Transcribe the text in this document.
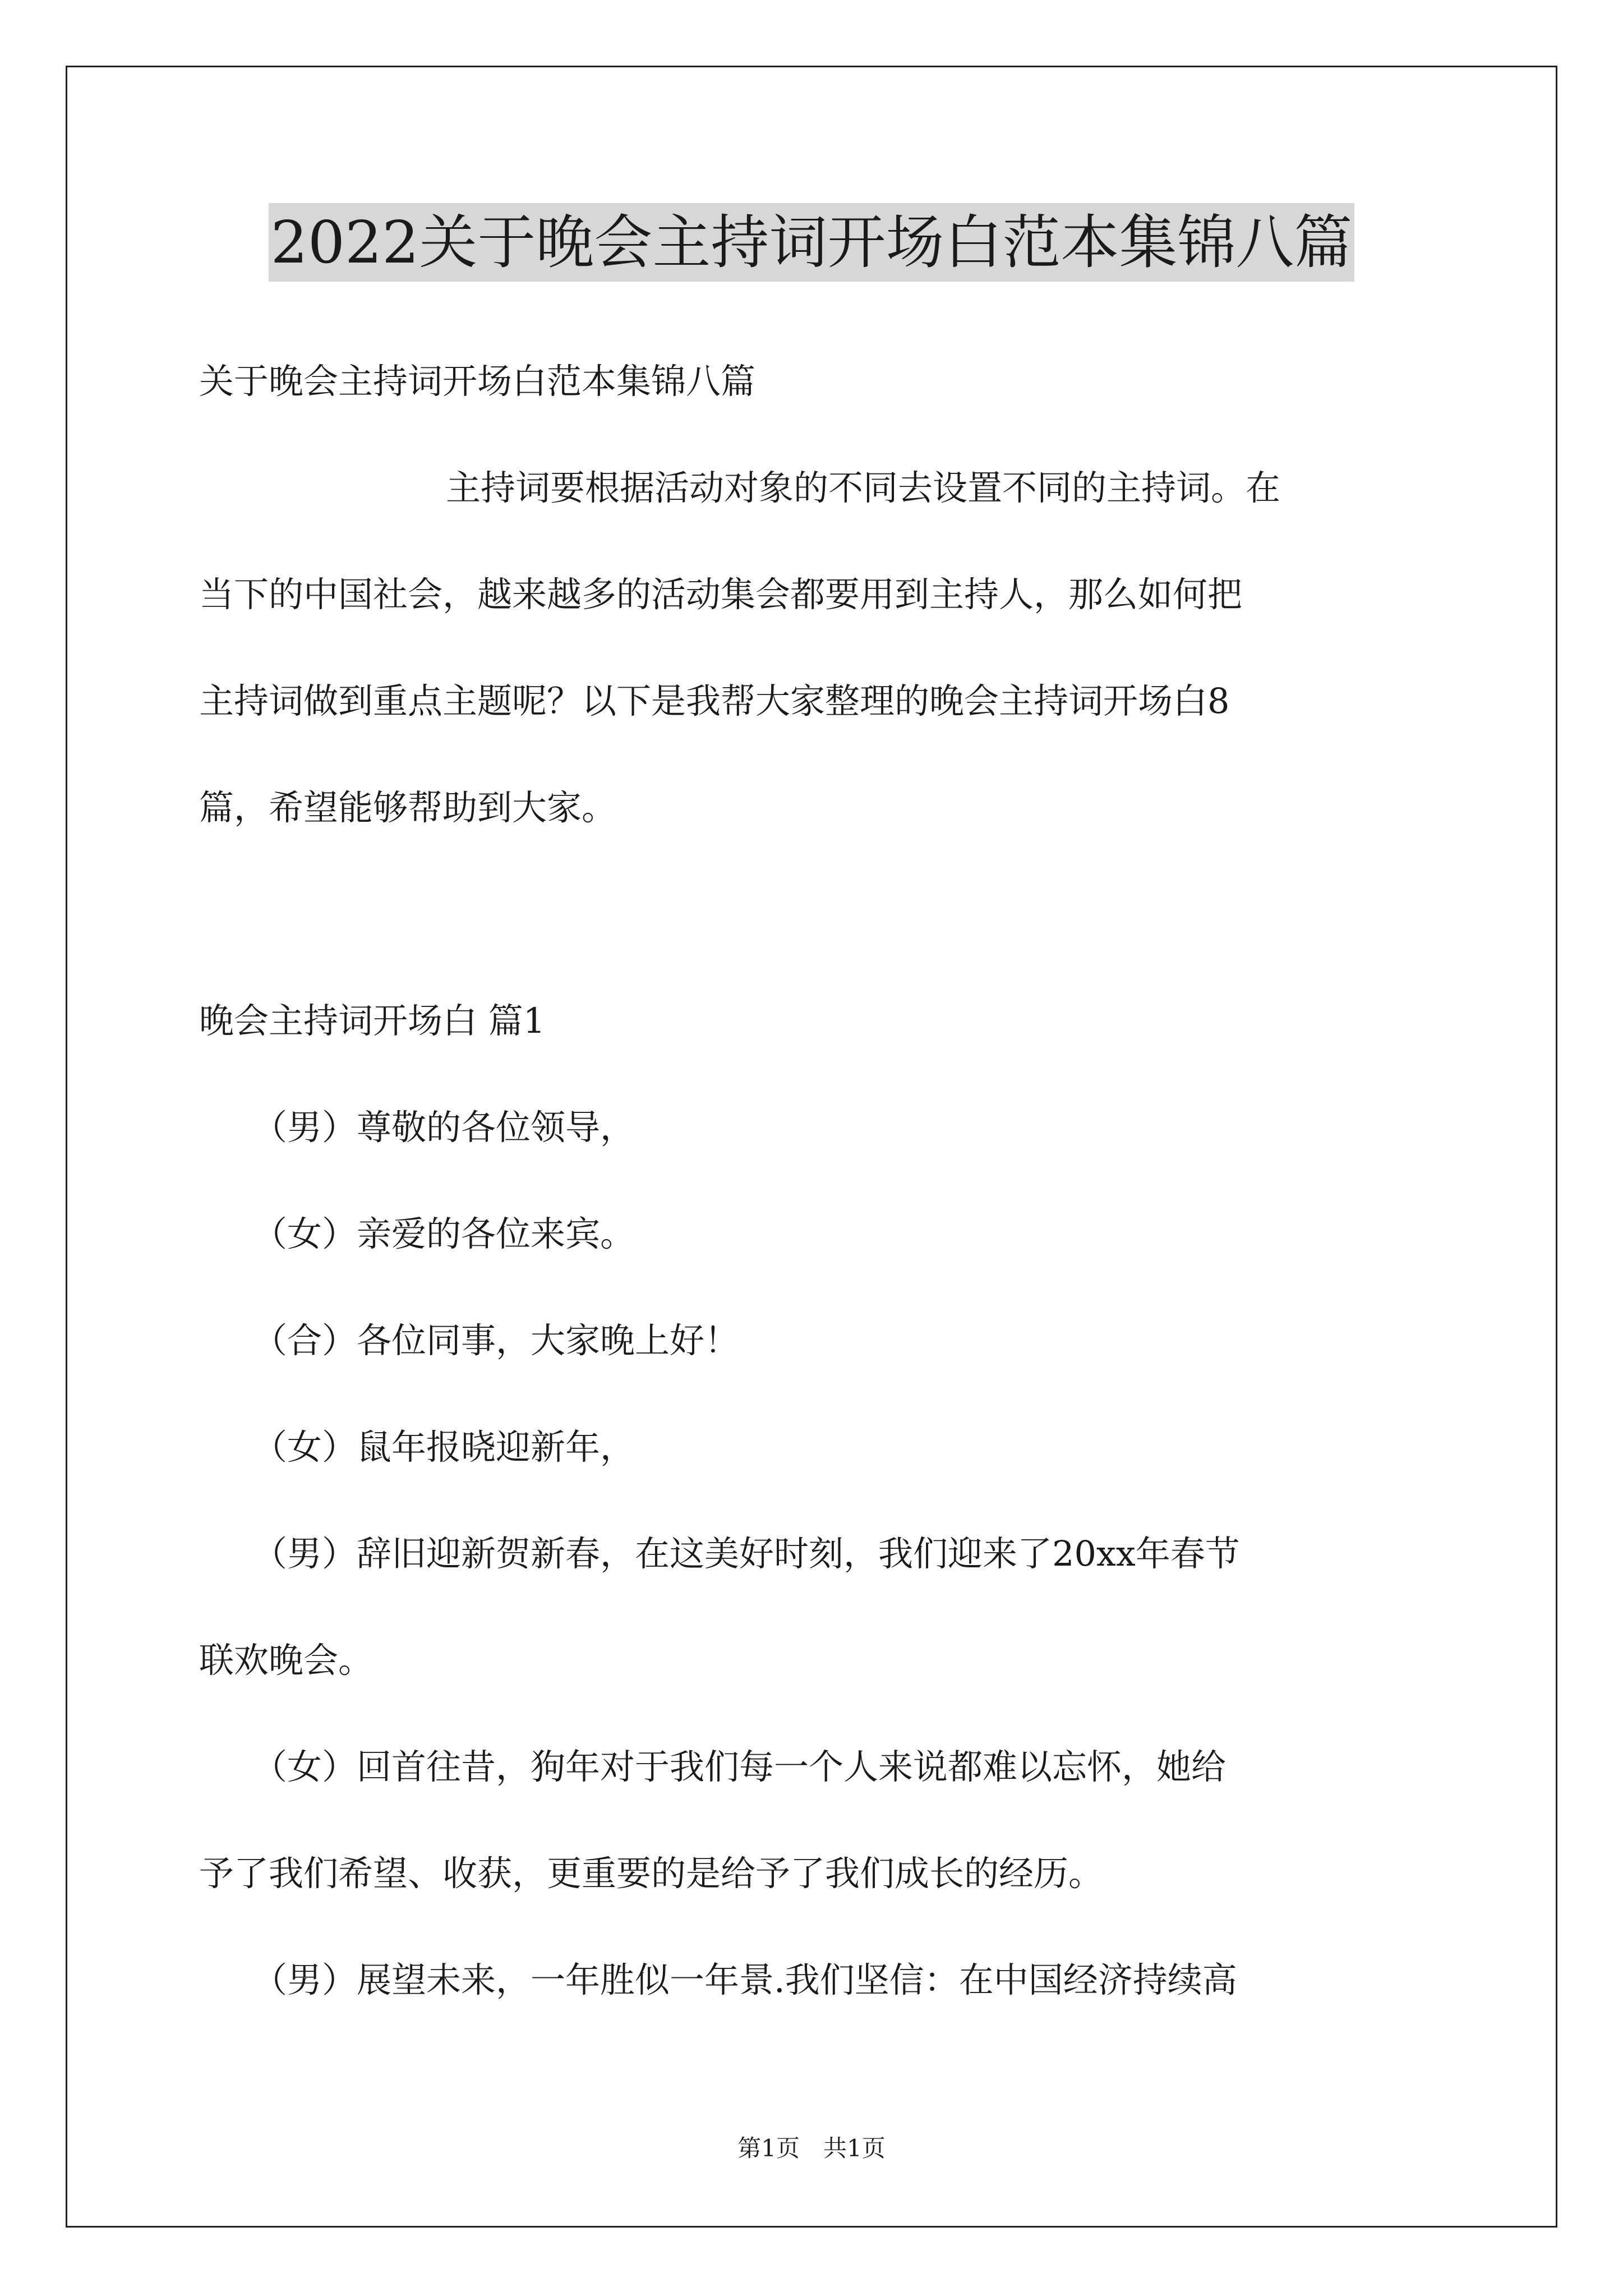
2022关于晚会主持词开场白范本集锦八篇
关于晚会主持词开场白范本集锦八篇
主持词要根据活动对象的不同去设置不同的主持词。在
当下的中国社会，越来越多的活动集会都要用到主持人，那么如何把
主持词做到重点主题呢？以下是我帮大家整理的晚会主持词开场白8
篇，希望能够帮助到大家。
晚会主持词开场白 篇1
（男）尊敬的各位领导，
（女）亲爱的各位来宾。
（合）各位同事，大家晚上好！
（女）鼠年报晓迎新年，
（男）辞旧迎新贺新春，在这美好时刻，我们迎来了20xx年春节
联欢晚会。
（女）回首往昔，狗年对于我们每一个人来说都难以忘怀，她给
予了我们希望、收获，更重要的是给予了我们成长的经历。
（男）展望未来，一年胜似一年景.我们坚信：在中国经济持续高
第1页　共1页
